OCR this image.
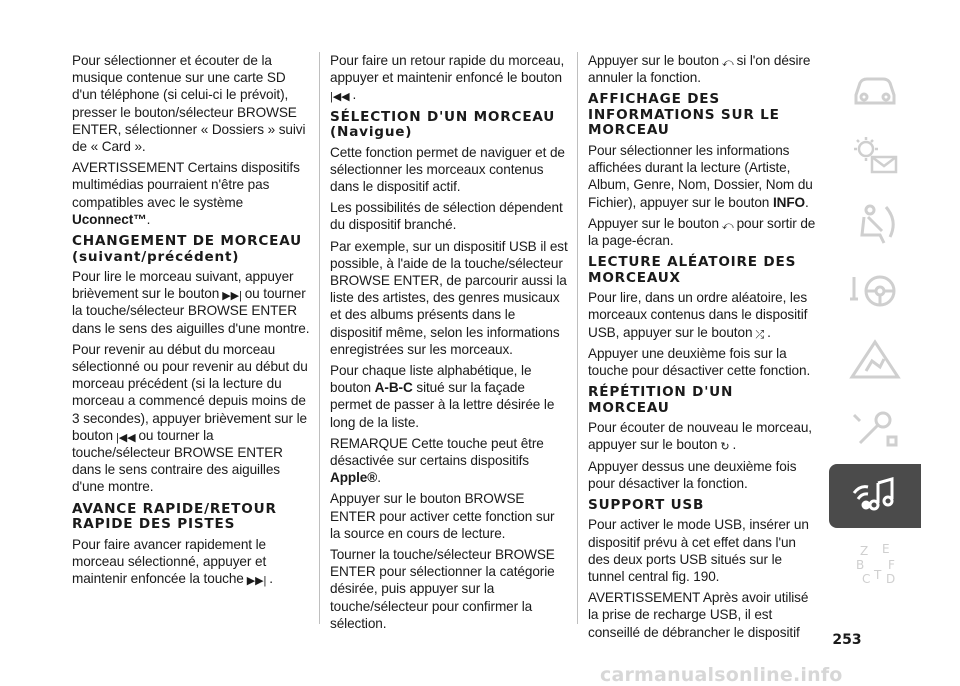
Pour sélectionner et écouter de la musique contenue sur une carte SD d'un téléphone (si celui-ci le prévoit), presser le bouton/sélecteur BROWSE ENTER, sélectionner « Dossiers » suivi de « Card ».

AVERTISSEMENT Certains dispositifs multimédias pourraient n'être pas compatibles avec le système Uconnect™.

CHANGEMENT DE MORCEAU (suivant/précédent)

Pour lire le morceau suivant, appuyer brièvement sur le bouton ▶▶| ou tourner la touche/sélecteur BROWSE ENTER dans le sens des aiguilles d'une montre.

Pour revenir au début du morceau sélectionné ou pour revenir au début du morceau précédent (si la lecture du morceau a commencé depuis moins de 3 secondes), appuyer brièvement sur le bouton |◀◀ ou tourner la touche/sélecteur BROWSE ENTER dans le sens contraire des aiguilles d'une montre.

AVANCE RAPIDE/RETOUR RAPIDE DES PISTES

Pour faire avancer rapidement le morceau sélectionné, appuyer et maintenir enfoncée la touche ▶▶| .

Pour faire un retour rapide du morceau, appuyer et maintenir enfoncé le bouton
|◀◀ .

SÉLECTION D'UN MORCEAU (Navigue)

Cette fonction permet de naviguer et de sélectionner les morceaux contenus dans le dispositif actif.

Les possibilités de sélection dépendent du dispositif branché.

Par exemple, sur un dispositif USB il est possible, à l'aide de la touche/sélecteur BROWSE ENTER, de parcourir aussi la liste des artistes, des genres musicaux et des albums présents dans le dispositif même, selon les informations enregistrées sur les morceaux.

Pour chaque liste alphabétique, le bouton A-B-C situé sur la façade permet de passer à la lettre désirée le long de la liste.

REMARQUE Cette touche peut être désactivée sur certains dispositifs
Apple®.

Appuyer sur le bouton BROWSE ENTER pour activer cette fonction sur la source en cours de lecture.

Tourner la touche/sélecteur BROWSE ENTER pour sélectionner la catégorie désirée, puis appuyer sur la touche/sélecteur pour confirmer la sélection.

Appuyer sur le bouton ⤺ si l'on désire annuler la fonction.

AFFICHAGE DES INFORMATIONS SUR LE MORCEAU

Pour sélectionner les informations affichées durant la lecture (Artiste, Album, Genre, Nom, Dossier, Nom du Fichier), appuyer sur le bouton INFO.

Appuyer sur le bouton ⤺ pour sortir de la page-écran.

LECTURE ALÉATOIRE DES MORCEAUX

Pour lire, dans un ordre aléatoire, les morceaux contenus dans le dispositif USB, appuyer sur le bouton ⤮ .

Appuyer une deuxième fois sur la touche pour désactiver cette fonction.

RÉPÉTITION D'UN MORCEAU

Pour écouter de nouveau le morceau, appuyer sur le bouton ↻ .

Appuyer dessus une deuxième fois pour désactiver la fonction.

SUPPORT USB

Pour activer le mode USB, insérer un dispositif prévu à cet effet dans l'un des deux ports USB situés sur le tunnel central fig. 190.

AVERTISSEMENT Après avoir utilisé la prise de recharge USB, il est conseillé de débrancher le dispositif

Z E
B F
C T D
253
carmanualsonline.info
